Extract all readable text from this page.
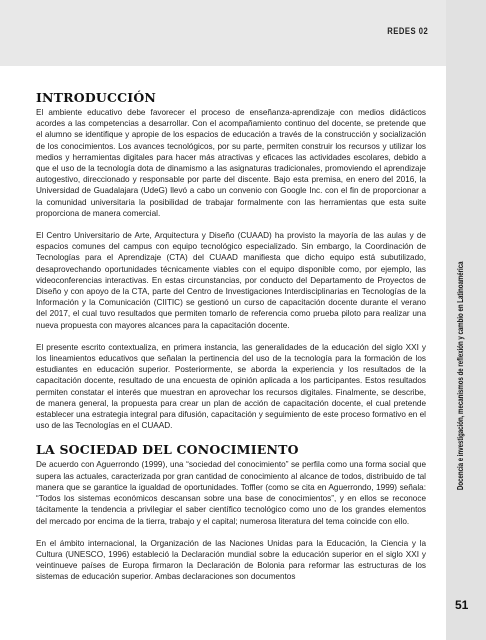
REDES 02
Docencia e investigación, mecanismos de reflexión y cambio en Latinoamérica
INTRODUCCIÓN

El ambiente educativo debe favorecer el proceso de enseñanza-aprendizaje con medios didácticos acordes a las competencias a desarrollar. Con el acompañamiento continuo del docente, se pretende que el alumno se identifique y apropie de los espacios de educación a través de la construcción y socialización de los conocimientos. Los avances tecnológicos, por su parte, permiten construir los recursos y utilizar los medios y herramientas digitales para hacer más atractivas y eficaces las actividades escolares, debido a que el uso de la tecnología dota de dinamismo a las asignaturas tradicionales, promoviendo el aprendizaje autogestivo, direccionado y responsable por parte del discente. Bajo esta premisa, en enero del 2016, la Universidad de Guadalajara (UdeG) llevó a cabo un convenio con Google Inc. con el fin de proporcionar a la comunidad universitaria la posibilidad de trabajar formalmente con las herramientas que esta suite proporciona de manera comercial.

El Centro Universitario de Arte, Arquitectura y Diseño (CUAAD) ha provisto la mayoría de las aulas y de espacios comunes del campus con equipo tecnológico especializado. Sin embargo, la Coordinación de Tecnologías para el Aprendizaje (CTA) del CUAAD manifiesta que dicho equipo está subutilizado, desaprovechando oportunidades técnicamente viables con el equipo disponible como, por ejemplo, las videoconferencias interactivas. En estas circunstancias, por conducto del Departamento de Proyectos de Diseño y con apoyo de la CTA, parte del Centro de Investigaciones Interdisciplinarias en Tecnologías de la Información y la Comunicación (CIITIC) se gestionó un curso de capacitación docente durante el verano del 2017, el cual tuvo resultados que permiten tomarlo de referencia como prueba piloto para realizar una nueva propuesta con mayores alcances para la capacitación docente.

El presente escrito contextualiza, en primera instancia, las generalidades de la educación del siglo XXI y los lineamientos educativos que señalan la pertinencia del uso de la tecnología para la formación de los estudiantes en educación superior. Posteriormente, se aborda la experiencia y los resultados de la capacitación docente, resultado de una encuesta de opinión aplicada a los participantes. Estos resultados permiten constatar el interés que muestran en aprovechar los recursos digitales. Finalmente, se describe, de manera general, la propuesta para crear un plan de acción de capacitación docente, el cual pretende establecer una estrategia integral para difusión, capacitación y seguimiento de este proceso formativo en el uso de las Tecnologías en el CUAAD.

LA SOCIEDAD DEL CONOCIMIENTO

De acuerdo con Aguerrondo (1999), una “sociedad del conocimiento” se perfila como una forma social que supera las actuales, caracterizada por gran cantidad de conocimiento al alcance de todos, distribuido de tal manera que se garantice la igualdad de oportunidades. Toffler (como se cita en Aguerrondo, 1999) señala: “Todos los sistemas económicos descansan sobre una base de conocimientos”, y en ellos se reconoce tácitamente la tendencia a privilegiar el saber científico tecnológico como uno de los grandes elementos del mercado por encima de la tierra, trabajo y el capital; numerosa literatura del tema coincide con ello.

En el ámbito internacional, la Organización de las Naciones Unidas para la Educación, la Ciencia y la Cultura (UNESCO, 1996) estableció la Declaración mundial sobre la educación superior en el siglo XXI y veintinueve países de Europa firmaron la Declaración de Bolonia para reformar las estructuras de los sistemas de educación superior. Ambas declaraciones son documentos

51
